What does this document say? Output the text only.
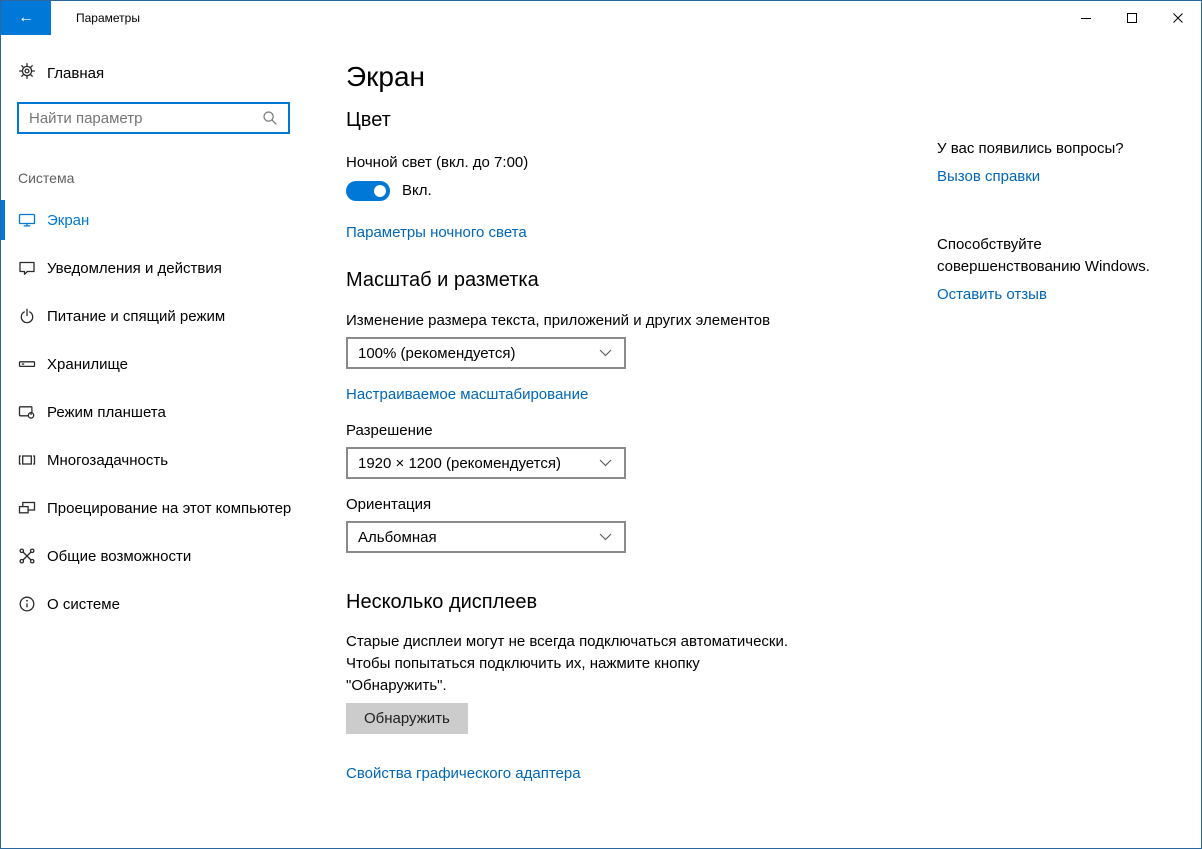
←	Параметры
Главная
Найти параметр
Система
Экран
Уведомления и действия
Питание и спящий режим
Хранилище
Режим планшета
Многозадачность
Проецирование на этот компьютер
Общие возможности
О системе
Экран
Цвет
Ночной свет (вкл. до 7:00)
Вкл.
Параметры ночного света
Масштаб и разметка
Изменение размера текста, приложений и других элементов
100% (рекомендуется)
Настраиваемое масштабирование
Разрешение
1920 × 1200 (рекомендуется)
Ориентация
Альбомная
Несколько дисплеев
Старые дисплеи могут не всегда подключаться автоматически. Чтобы попытаться подключить их, нажмите кнопку "Обнаружить".
Обнаружить
Свойства графического адаптера
У вас появились вопросы?
Вызов справки
Способствуйте совершенствованию Windows.
Оставить отзыв
